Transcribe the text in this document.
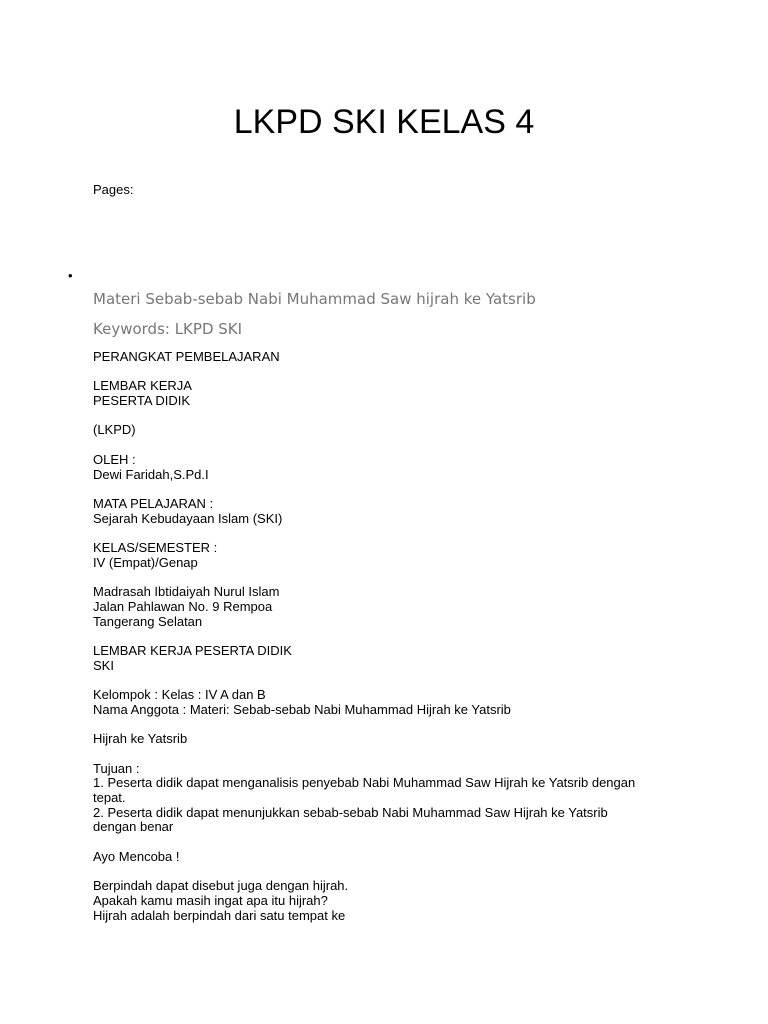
LKPD SKI KELAS 4
Pages:
•
Materi Sebab-sebab Nabi Muhammad Saw hijrah ke Yatsrib
Keywords: LKPD SKI
PERANGKAT PEMBELAJARAN
LEMBAR KERJA
PESERTA DIDIK
(LKPD)
OLEH :
Dewi Faridah,S.Pd.I
MATA PELAJARAN :
Sejarah Kebudayaan Islam (SKI)
KELAS/SEMESTER :
IV (Empat)/Genap
Madrasah Ibtidaiyah Nurul Islam
Jalan Pahlawan No. 9 Rempoa
Tangerang Selatan
LEMBAR KERJA PESERTA DIDIK
SKI
Kelompok : Kelas : IV A dan B
Nama Anggota : Materi: Sebab-sebab Nabi Muhammad Hijrah ke Yatsrib
Hijrah ke Yatsrib
Tujuan :
1. Peserta didik dapat menganalisis penyebab Nabi Muhammad Saw Hijrah ke Yatsrib dengan
tepat.
2. Peserta didik dapat menunjukkan sebab-sebab Nabi Muhammad Saw Hijrah ke Yatsrib
dengan benar
Ayo Mencoba !
Berpindah dapat disebut juga dengan hijrah.
Apakah kamu masih ingat apa itu hijrah?
Hijrah adalah berpindah dari satu tempat ke
